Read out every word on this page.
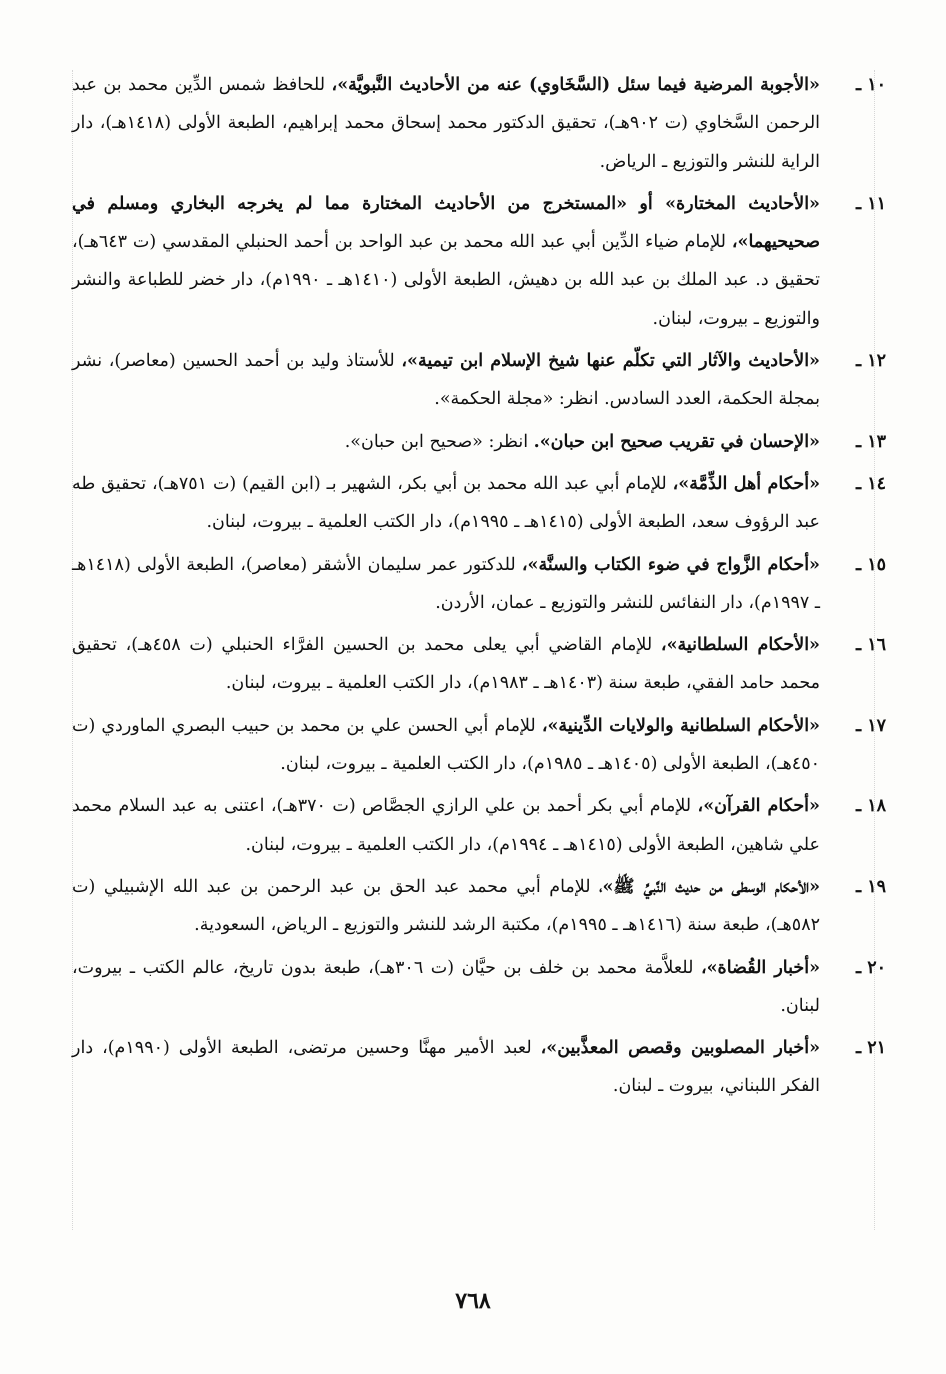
١٠ ـ
«الأجوبة المرضية فيما سئل (السَّخَاوي) عنه من الأحاديث النَّبويَّة»، للحافظ شمس الدِّين محمد بن عبد الرحمن السَّخاوي (ت ٩٠٢هـ)، تحقيق الدكتور محمد إسحاق محمد إبراهيم، الطبعة الأولى (١٤١٨هـ)، دار الراية للنشر والتوزيع ـ الرياض.
١١ ـ
«الأحاديث المختارة» أو «المستخرج من الأحاديث المختارة مما لم يخرجه البخاري ومسلم في صحيحيهما»، للإمام ضياء الدِّين أبي عبد الله محمد بن عبد الواحد بن أحمد الحنبلي المقدسي (ت ٦٤٣هـ)، تحقيق د. عبد الملك بن عبد الله بن دهيش، الطبعة الأولى (١٤١٠هـ ـ ١٩٩٠م)، دار خضر للطباعة والنشر والتوزيع ـ بيروت، لبنان.
١٢ ـ
«الأحاديث والآثار التي تكلّم عنها شيخ الإسلام ابن تيمية»، للأستاذ وليد بن أحمد الحسين (معاصر)، نشر بمجلة الحكمة، العدد السادس. انظر: «مجلة الحكمة».
١٣ ـ
«الإحسان في تقريب صحيح ابن حبان». انظر: «صحيح ابن حبان».
١٤ ـ
«أحكام أهل الذِّمَّة»، للإمام أبي عبد الله محمد بن أبي بكر، الشهير بـ (ابن القيم) (ت ٧٥١هـ)، تحقيق طه عبد الرؤوف سعد، الطبعة الأولى (١٤١٥هـ ـ ١٩٩٥م)، دار الكتب العلمية ـ بيروت، لبنان.
١٥ ـ
«أحكام الزَّواج في ضوء الكتاب والسنَّة»، للدكتور عمر سليمان الأشقر (معاصر)، الطبعة الأولى (١٤١٨هـ ـ ١٩٩٧م)، دار النفائس للنشر والتوزيع ـ عمان، الأردن.
١٦ ـ
«الأحكام السلطانية»، للإمام القاضي أبي يعلى محمد بن الحسين الفرَّاء الحنبلي (ت ٤٥٨هـ)، تحقيق محمد حامد الفقي، طبعة سنة (١٤٠٣هـ ـ ١٩٨٣م)، دار الكتب العلمية ـ بيروت، لبنان.
١٧ ـ
«الأحكام السلطانية والولايات الدِّينية»، للإمام أبي الحسن علي بن محمد بن حبيب البصري الماوردي (ت ٤٥٠هـ)، الطبعة الأولى (١٤٠٥هـ ـ ١٩٨٥م)، دار الكتب العلمية ـ بيروت، لبنان.
١٨ ـ
«أحكام القرآن»، للإمام أبي بكر أحمد بن علي الرازي الجصَّاص (ت ٣٧٠هـ)، اعتنى به عبد السلام محمد علي شاهين، الطبعة الأولى (١٤١٥هـ ـ ١٩٩٤م)، دار الكتب العلمية ـ بيروت، لبنان.
١٩ ـ
«الأحكام الوسطى من حديث النَّبيِّ ﷺ»، للإمام أبي محمد عبد الحق بن عبد الرحمن بن عبد الله الإشبيلي (ت ٥٨٢هـ)، طبعة سنة (١٤١٦هـ ـ ١٩٩٥م)، مكتبة الرشد للنشر والتوزيع ـ الرياض، السعودية.
٢٠ ـ
«أخبار القُضاة»، للعلاَّمة محمد بن خلف بن حيَّان (ت ٣٠٦هـ)، طبعة بدون تاريخ، عالم الكتب ـ بيروت، لبنان.
٢١ ـ
«أخبار المصلوبين وقصص المعذَّبين»، لعبد الأمير مهنَّا وحسين مرتضى، الطبعة الأولى (١٩٩٠م)، دار الفكر اللبناني، بيروت ـ لبنان.
٧٦٨
